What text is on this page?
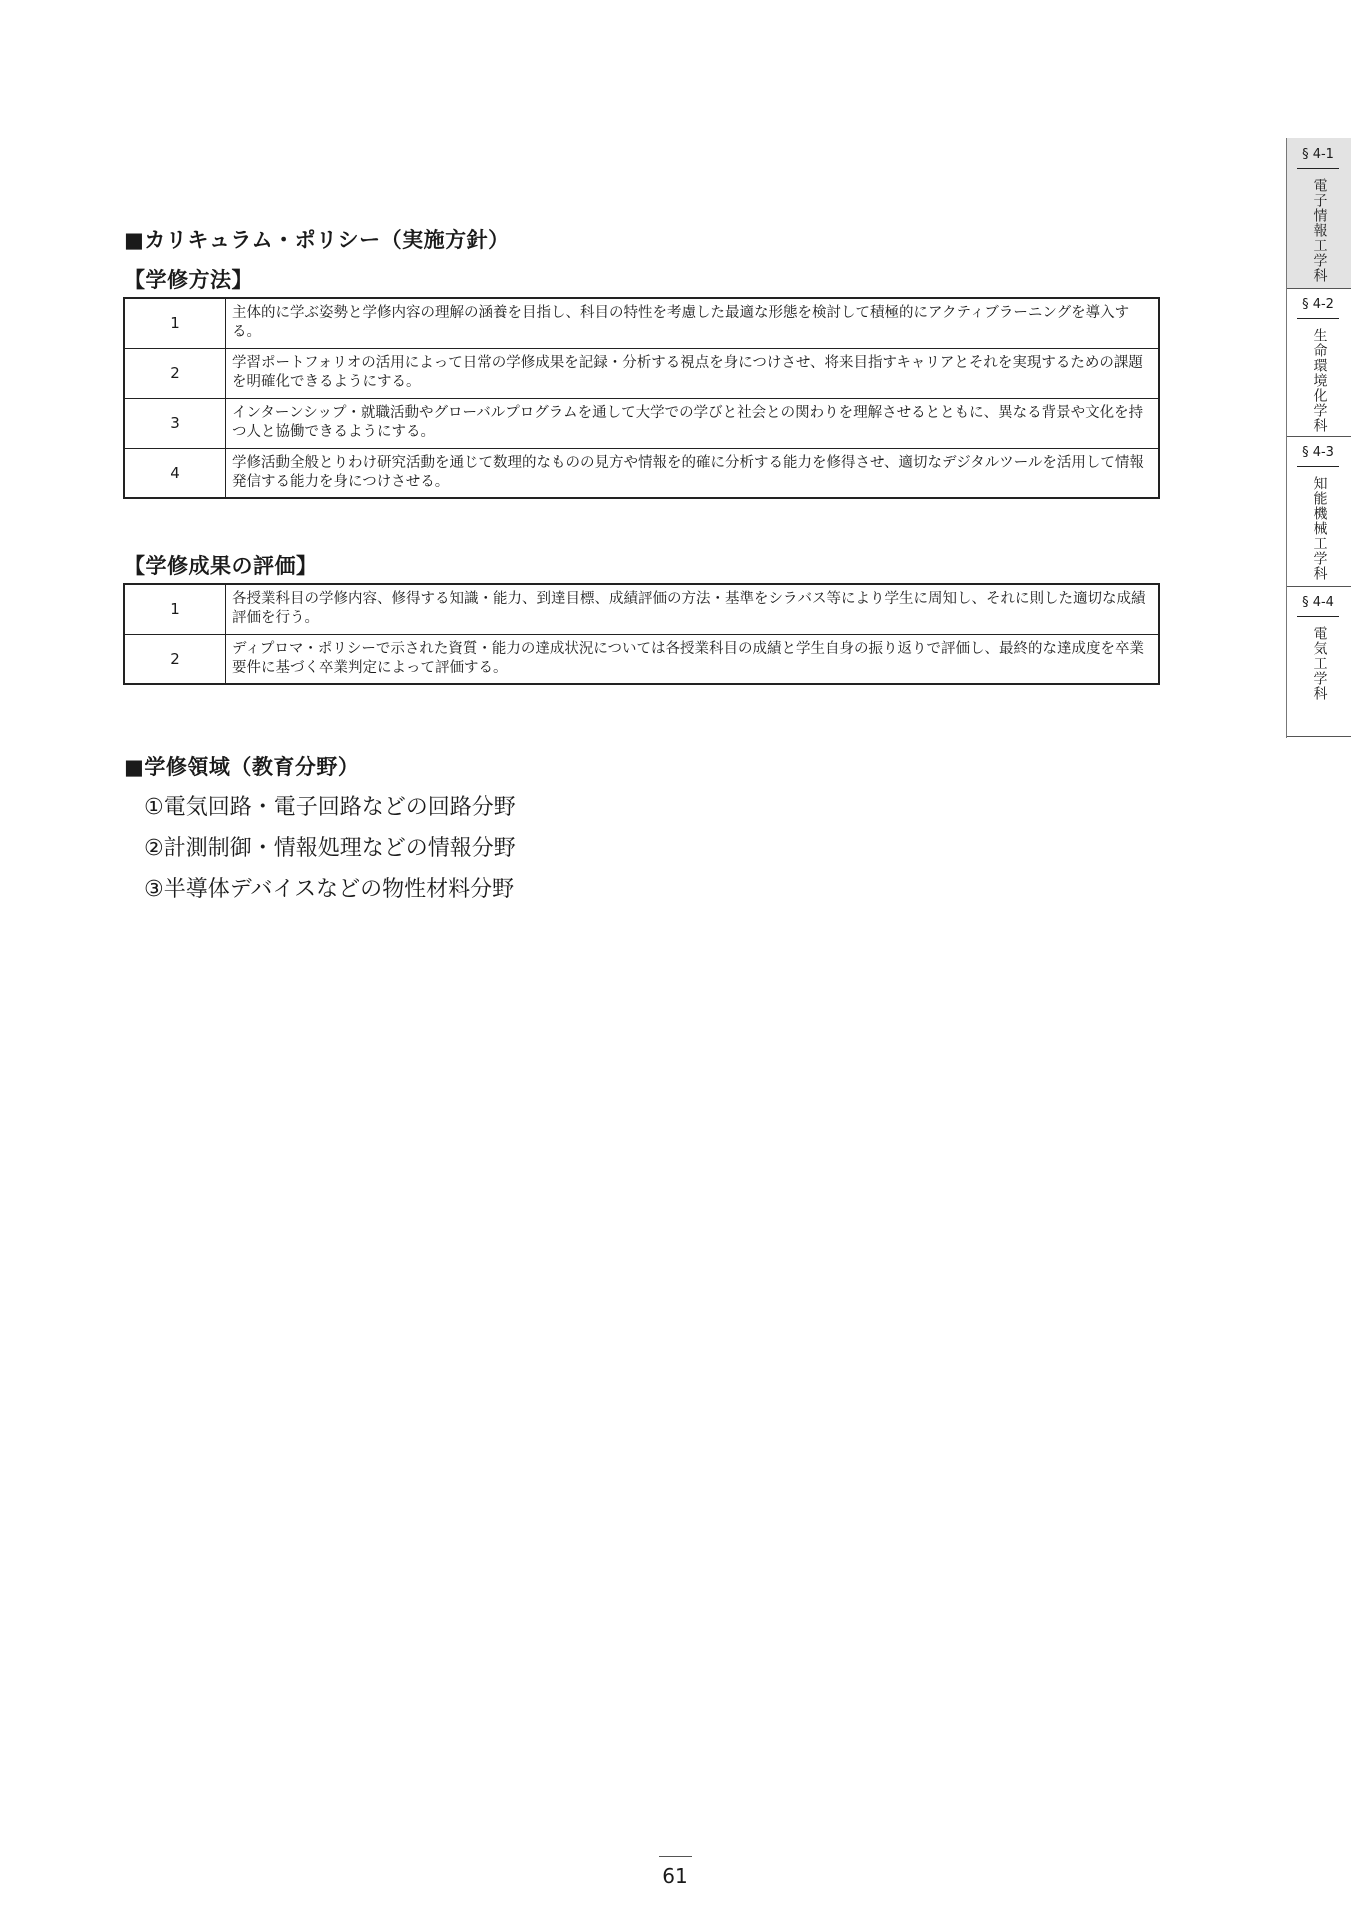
■カリキュラム・ポリシー（実施方針）
【学修方法】
1	主体的に学ぶ姿勢と学修内容の理解の涵養を目指し、科目の特性を考慮した最適な形態を検討して積極的にアクティブラーニングを導入する。
2	学習ポートフォリオの活用によって日常の学修成果を記録・分析する視点を身につけさせ、将来目指すキャリアとそれを実現するための課題を明確化できるようにする。
3	インターンシップ・就職活動やグローバルプログラムを通して大学での学びと社会との関わりを理解させるとともに、異なる背景や文化を持つ人と協働できるようにする。
4	学修活動全般とりわけ研究活動を通じて数理的なものの見方や情報を的確に分析する能力を修得させ、適切なデジタルツールを活用して情報発信する能力を身につけさせる。
【学修成果の評価】
1	各授業科目の学修内容、修得する知識・能力、到達目標、成績評価の方法・基準をシラバス等により学生に周知し、それに則した適切な成績評価を行う。
2	ディプロマ・ポリシーで示された資質・能力の達成状況については各授業科目の成績と学生自身の振り返りで評価し、最終的な達成度を卒業要件に基づく卒業判定によって評価する。
■学修領域（教育分野）
①電気回路・電子回路などの回路分野
②計測制御・情報処理などの情報分野
③半導体デバイスなどの物性材料分野
§ 4-1
電子情報工学科
§ 4-2
生命環境化学科
§ 4-3
知能機械工学科
§ 4-4
電気工学科
61
